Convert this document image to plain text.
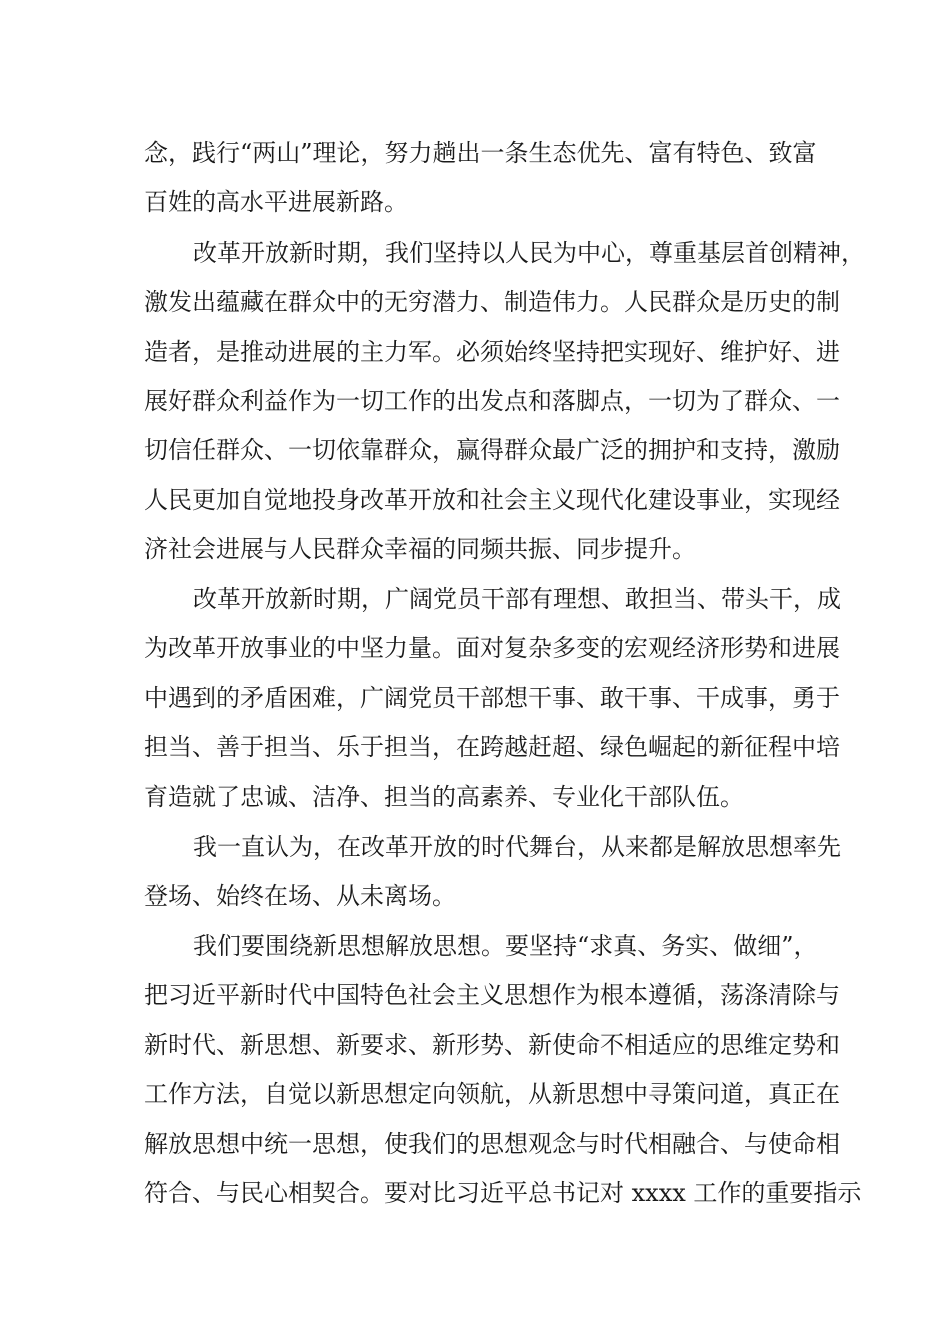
念，践行“两山”理论，努力趟出一条生态优先、富有特色、致富
百姓的高水平进展新路。
改革开放新时期，我们坚持以人民为中心，尊重基层首创精神，
激发出蕴藏在群众中的无穷潜力、制造伟力。人民群众是历史的制
造者，是推动进展的主力军。必须始终坚持把实现好、维护好、进
展好群众利益作为一切工作的出发点和落脚点，一切为了群众、一
切信任群众、一切依靠群众，赢得群众最广泛的拥护和支持，激励
人民更加自觉地投身改革开放和社会主义现代化建设事业，实现经
济社会进展与人民群众幸福的同频共振、同步提升。
改革开放新时期，广阔党员干部有理想、敢担当、带头干，成
为改革开放事业的中坚力量。面对复杂多变的宏观经济形势和进展
中遇到的矛盾困难，广阔党员干部想干事、敢干事、干成事，勇于
担当、善于担当、乐于担当，在跨越赶超、绿色崛起的新征程中培
育造就了忠诚、洁净、担当的高素养、专业化干部队伍。
我一直认为，在改革开放的时代舞台，从来都是解放思想率先
登场、始终在场、从未离场。
我们要围绕新思想解放思想。要坚持“求真、务实、做细”，
把习近平新时代中国特色社会主义思想作为根本遵循，荡涤清除与
新时代、新思想、新要求、新形势、新使命不相适应的思维定势和
工作方法，自觉以新思想定向领航，从新思想中寻策问道，真正在
解放思想中统一思想，使我们的思想观念与时代相融合、与使命相
符合、与民心相契合。要对比习近平总书记对 xxxx 工作的重要指示
